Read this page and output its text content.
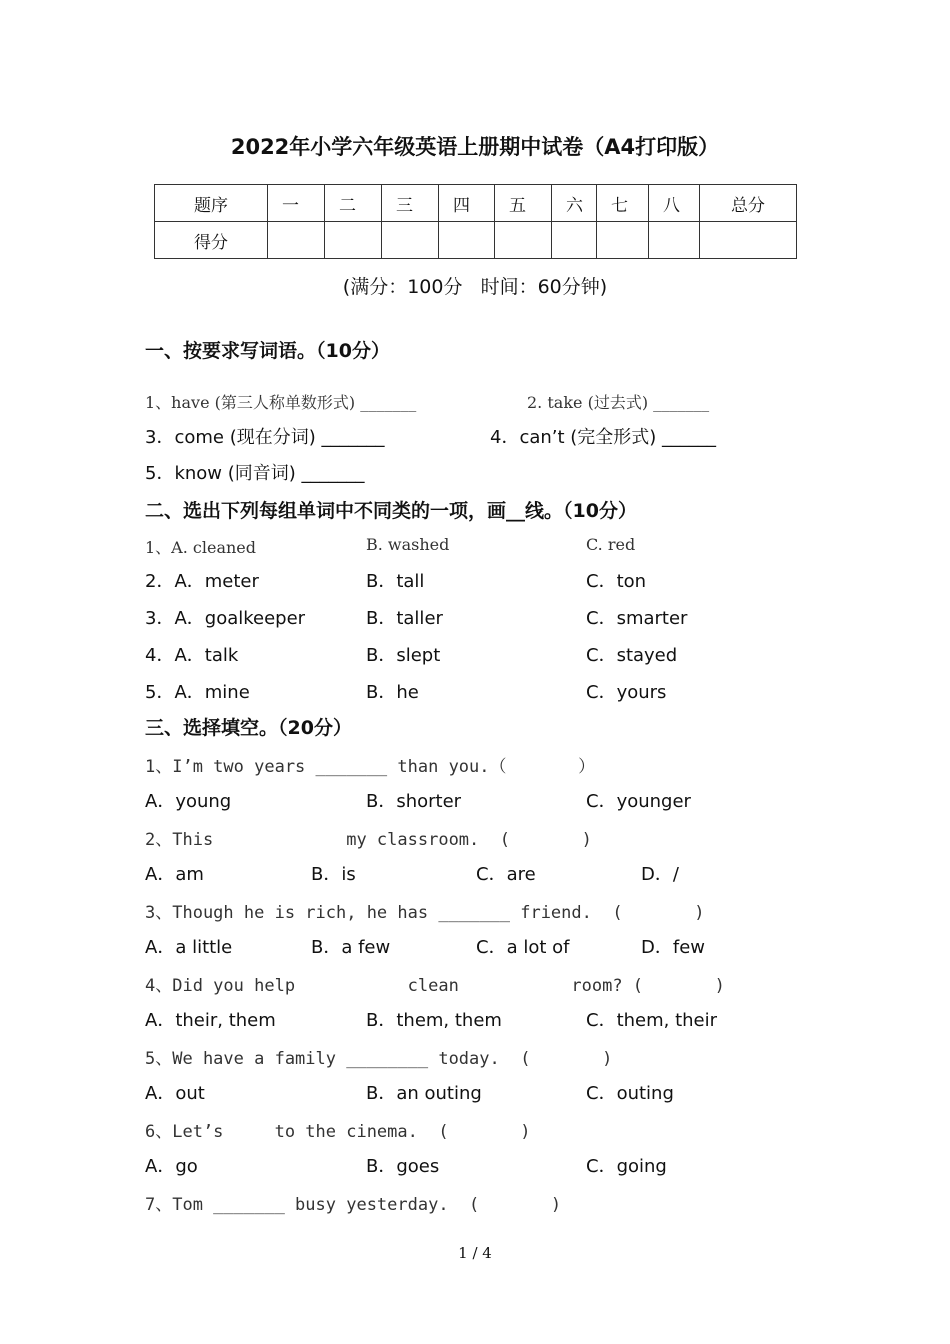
2022年小学六年级英语上册期中试卷（A4打印版）
题序	一	二	三	四	五	六	七	八	总分
得分									
(满分：100分   时间：60分钟)
一、按要求写词语。（10分）
1、have (第三人称单数形式) _______	2. take (过去式) _______
3．come (现在分词) _______	4．can’t (完全形式) ______
5．know (同音词) _______
二、选出下列每组单词中不同类的一项，画__线。（10分）
1、A. cleaned	B. washed	C. red
2．A．meter	B．tall	C．ton
3．A．goalkeeper	B．taller	C．smarter
4．A．talk	B．slept	C．stayed
5．A．mine	B．he	C．yours
三、选择填空。（20分）
1、I’m two years _______ than you.（       ）
A．young	B．shorter	C．younger
2、This             my classroom.  (       )
A．am	B．is	C．are	D．/
3、Though he is rich, he has _______ friend.  (       )
A．a little	B．a few	C．a lot of	D．few
4、Did you help           clean           room? (       )
A．their, them	B．them, them	C．them, their
5、We have a family ________ today.  (       )
A．out	B．an outing	C．outing
6、Let’s     to the cinema.  (       )
A．go	B．goes	C．going
7、Tom _______ busy yesterday.  (       )
1 / 4
